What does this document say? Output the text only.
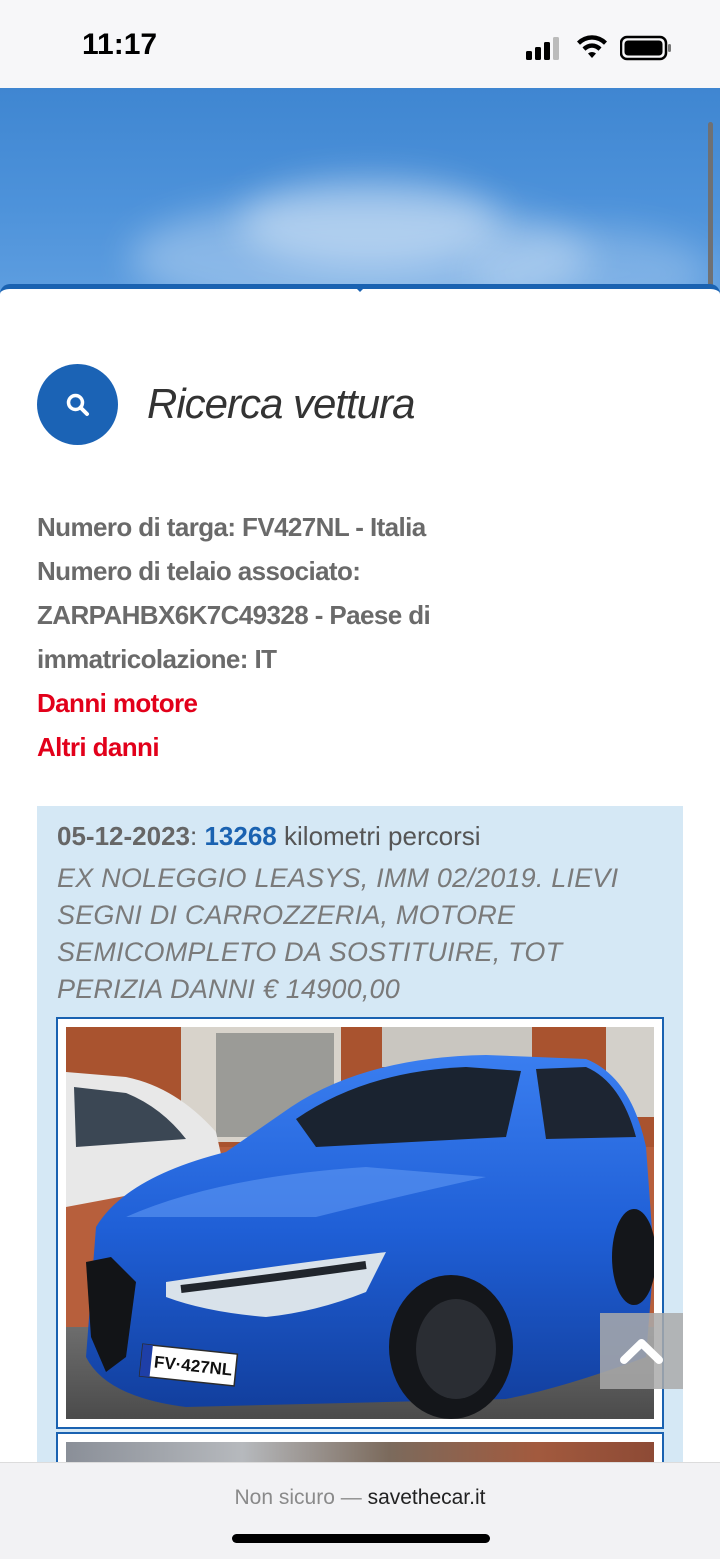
11:17
Ricerca vettura
Numero di targa: FV427NL - Italia
Numero di telaio associato:
ZARPAHBX6K7C49328 - Paese di
immatricolazione: IT
Danni motore
Altri danni
05-12-2023: 13268 kilometri percorsi
EX NOLEGGIO LEASYS, IMM 02/2019. LIEVI
SEGNI DI CARROZZERIA, MOTORE
SEMICOMPLETO DA SOSTITUIRE, TOT
PERIZIA DANNI € 14900,00
FV·427NL
Non sicuro — savethecar.it
